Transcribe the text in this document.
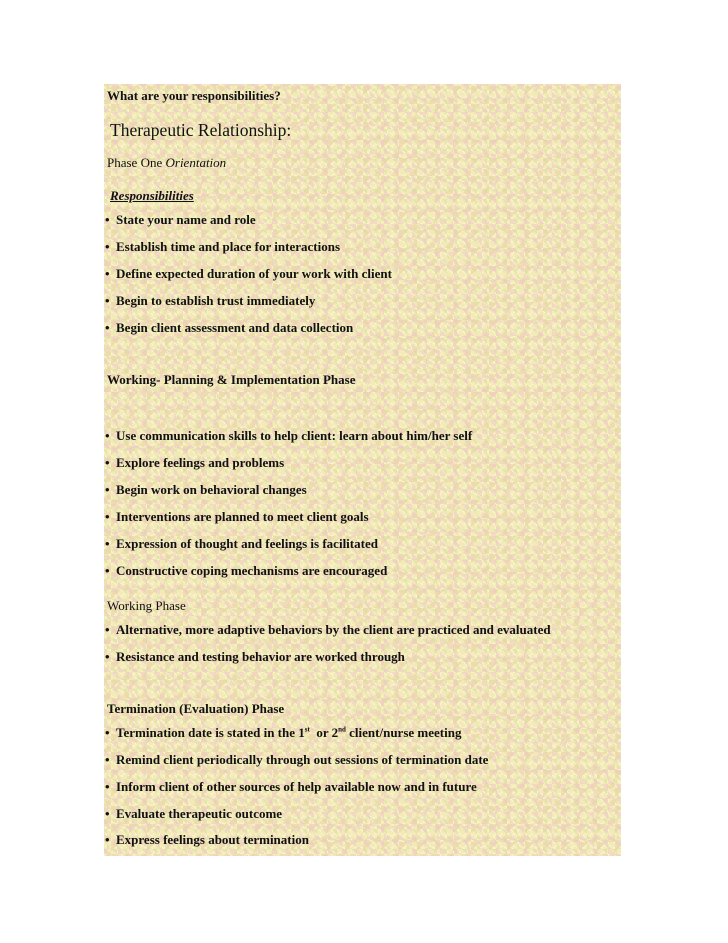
What are your responsibilities?
Therapeutic Relationship:
Phase One Orientation
Responsibilities
• State your name and role
• Establish time and place for interactions
• Define expected duration of your work with client
• Begin to establish trust immediately
• Begin client assessment and data collection
Working- Planning & Implementation Phase
• Use communication skills to help client: learn about him/her self
• Explore feelings and problems
• Begin work on behavioral changes
• Interventions are planned to meet client goals
• Expression of thought and feelings is facilitated
• Constructive coping mechanisms are encouraged
Working Phase
• Alternative, more adaptive behaviors by the client are practiced and evaluated
• Resistance and testing behavior are worked through
Termination (Evaluation) Phase
• Termination date is stated in the 1st  or 2nd client/nurse meeting
• Remind client periodically through out sessions of termination date
• Inform client of other sources of help available now and in future
• Evaluate therapeutic outcome
• Express feelings about termination
